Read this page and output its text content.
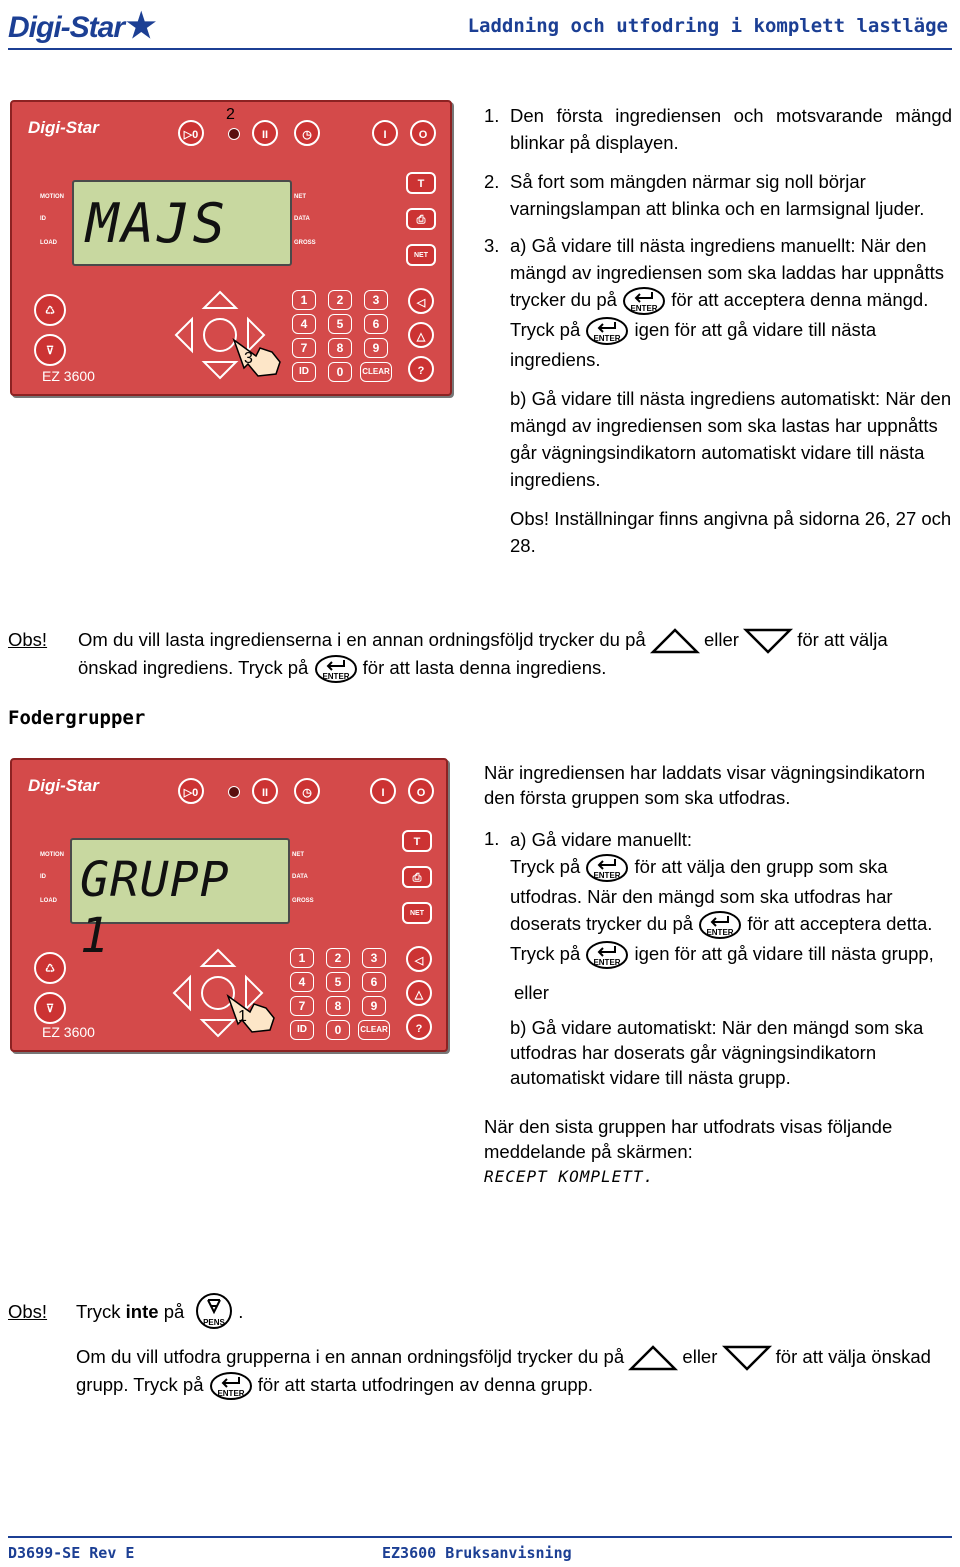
Digi-Star★	Laddning och utfodring i komplett lastläge
Digi-Star
2
▷0	II	◷	I	O
MOTION
ID
LOAD
NET
DATA
GROSS
MAJS
T
⎙
NET
♺
⊽	3
1	2	3
4	5	6
7	8	9
ID	0	CLEAR
◁
△
?
EZ 3600
1. Den första ingrediensen och motsvarande mängd blinkar på displayen.
2. Så fort som mängden närmar sig noll börjar varningslampan att blinka och en larmsignal ljuder.
3. a) Gå vidare till nästa ingrediens manuellt: När den mängd av ingrediensen som ska laddas har uppnåtts trycker du på ENTER för att acceptera denna mängd. Tryck på ENTER igen för att gå vidare till nästa ingrediens.
b) Gå vidare till nästa ingrediens automatiskt: När den mängd av ingrediensen som ska lastas har uppnåtts går vägningsindikatorn automatiskt vidare till nästa ingrediens.
Obs! Inställningar finns angivna på sidorna 26, 27 och 28.
Obs!	Om du vill lasta ingredienserna i en annan ordningsföljd trycker du på	eller	för att välja önskad ingrediens. Tryck på ENTER för att lasta denna ingrediens.
Fodergrupper
Digi-Star	▷0	II	◷	I	O
MOTION
ID
LOAD
NET
DATA
GROSS
GRUPP 1
T
⎙
NET
♺
⊽	1
1	2	3
4	5	6
7	8	9
ID	0	CLEAR
◁
△
?
EZ 3600
När ingrediensen har laddats visar vägningsindikatorn den första gruppen som ska utfodras.
1. a) Gå vidare manuellt:
Tryck på ENTER för att välja den grupp som ska utfodras. När den mängd som ska utfodras har doserats trycker du på ENTER för att acceptera detta. Tryck på ENTER igen för att gå vidare till nästa grupp,
eller
b) Gå vidare automatiskt: När den mängd som ska utfodras har doserats går vägningsindikatorn automatiskt vidare till nästa grupp.
När den sista gruppen har utfodrats visas följande meddelande på skärmen:
RECEPT KOMPLETT.
Obs!	Tryck
inte
på
PENS
.
Om du vill utfodra grupperna i en annan ordningsföljd trycker du på	eller	för att välja önskad grupp. Tryck på ENTER för att starta utfodringen av denna grupp.
D3699-SE Rev E	EZ3600 Bruksanvisning
